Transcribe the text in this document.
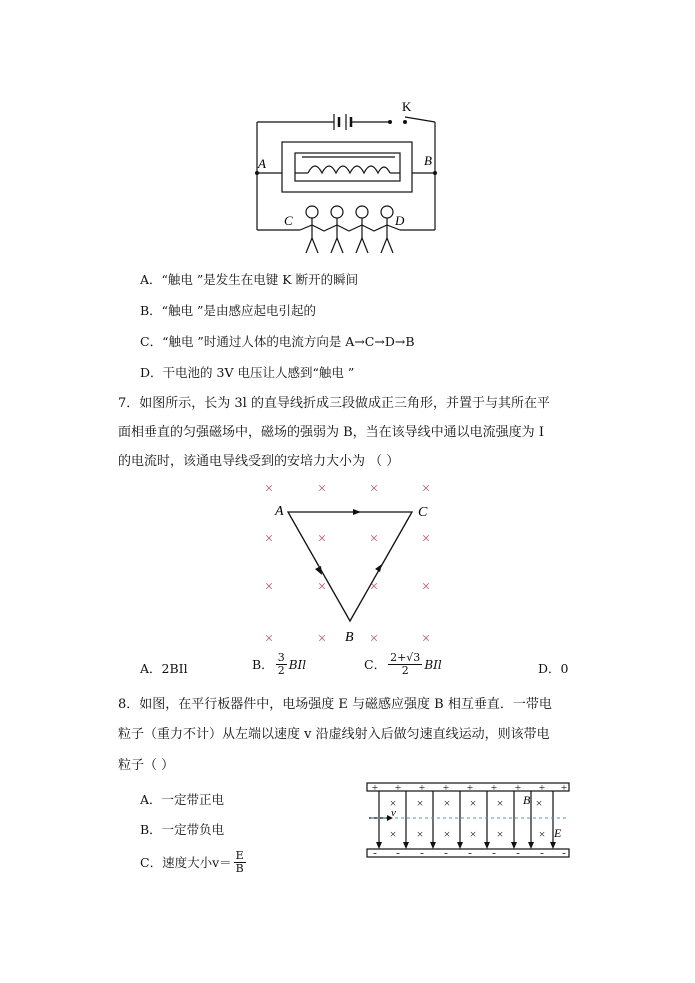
K
A	B
C	D
A．“触电 ”是发生在电键 K 断开的瞬间
B．“触电 ”是由感应起电引起的
C．“触电 ”时通过人体的电流方向是 A→C→D→B
D．干电池的 3V 电压让人感到“触电 ”
7．如图所示，长为 3l 的直导线折成三段做成正三角形，并置于与其所在平
面相垂直的匀强磁场中，磁场的强弱为 B，当在该导线中通以电流强度为 I
的电流时，该通电导线受到的安培力大小为 （ ）
×	×	×	×
×	×	×	×
×	×	×	×
×	×	×	×
A	C
B
A．2BIl	B． $\frac{3}{2}$ BIl	C． $\frac{2+√3}{2}$ BIl	D．0
8．如图，在平行板器件中，电场强度 E 与磁感应强度 B 相互垂直．一带电
粒子（重力不计）从左端以速度 v 沿虚线射入后做匀速直线运动，则该带电
粒子（ ）
A．一定带正电
B．一定带负电
C．速度大小$v= \frac{E}{B}$
+ + + + + + + + +
- - - - - - - - -
× × × × ×	×
× × × × ×	×
B
v
E
